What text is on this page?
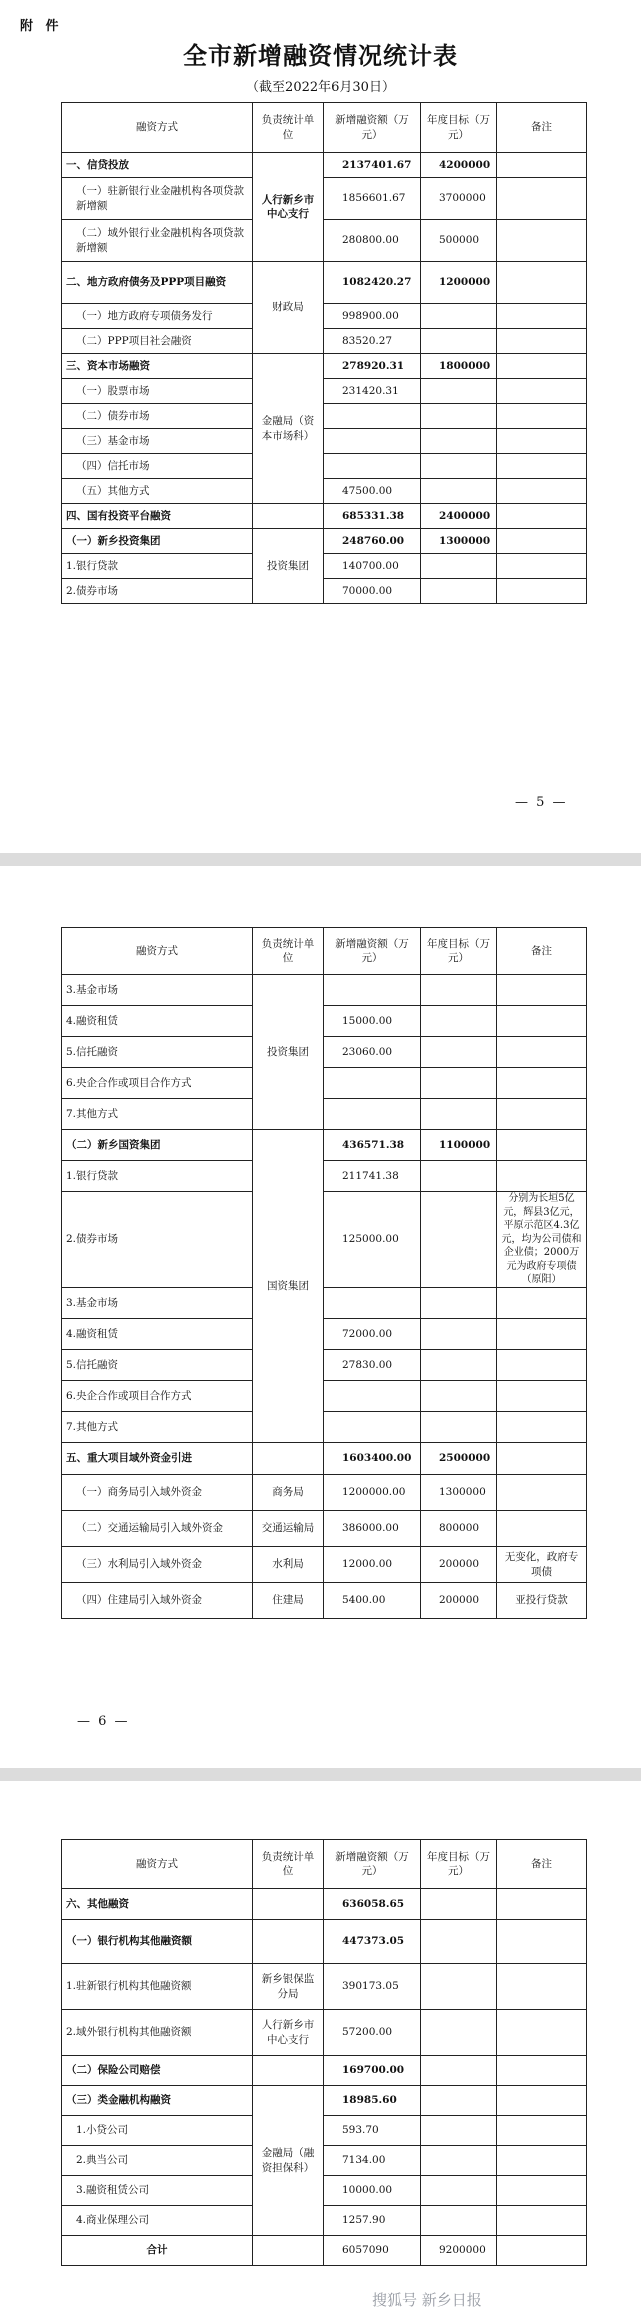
附 件
全市新增融资情况统计表
（截至2022年6月30日）
融资方式	负责统计单位	新增融资额（万元）	年度目标（万元）	备注
一、信贷投放	人行新乡市中心支行	2137401.67	4200000	
（一）驻新银行业金融机构各项贷款新增额		1856601.67	3700000	
（二）域外银行业金融机构各项贷款新增额		280800.00	500000	
二、地方政府债务及PPP项目融资	财政局	1082420.27	1200000	
（一）地方政府专项债务发行		998900.00		
（二）PPP项目社会融资		83520.27		
三、资本市场融资	金融局（资本市场科）	278920.31	1800000	
（一）股票市场		231420.31		
（二）债券市场				
（三）基金市场				
（四）信托市场				
（五）其他方式		47500.00		
四、国有投资平台融资		685331.38	2400000	
（一）新乡投资集团	投资集团	248760.00	1300000	
1.银行贷款		140700.00		
2.债券市场		70000.00		
— 5 —
融资方式	负责统计单位	新增融资额（万元）	年度目标（万元）	备注
3.基金市场	投资集团			
4.融资租赁		15000.00		
5.信托融资		23060.00		
6.央企合作或项目合作方式				
7.其他方式				
（二）新乡国资集团	国资集团	436571.38	1100000	
1.银行贷款		211741.38		
2.债券市场		125000.00		分别为长垣5亿元，辉县3亿元，平原示范区4.3亿元，均为公司债和企业债；2000万元为政府专项债（原阳）
3.基金市场				
4.融资租赁		72000.00		
5.信托融资		27830.00		
6.央企合作或项目合作方式				
7.其他方式				
五、重大项目域外资金引进		1603400.00	2500000	
（一）商务局引入域外资金	商务局	1200000.00	1300000	
（二）交通运输局引入域外资金	交通运输局	386000.00	800000	
（三）水利局引入域外资金	水利局	12000.00	200000	无变化，政府专项债
（四）住建局引入域外资金	住建局	5400.00	200000	亚投行贷款
— 6 —
融资方式	负责统计单位	新增融资额（万元）	年度目标（万元）	备注
六、其他融资		636058.65		
（一）银行机构其他融资额		447373.05		
1.驻新银行机构其他融资额	新乡银保监分局	390173.05		
2.域外银行机构其他融资额	人行新乡市中心支行	57200.00		
（二）保险公司赔偿		169700.00		
（三）类金融机构融资	金融局（融资担保科）	18985.60		
1.小贷公司		593.70		
2.典当公司		7134.00		
3.融资租赁公司		10000.00		
4.商业保理公司		1257.90		
合计		6057090	9200000	
搜狐号 新乡日报
